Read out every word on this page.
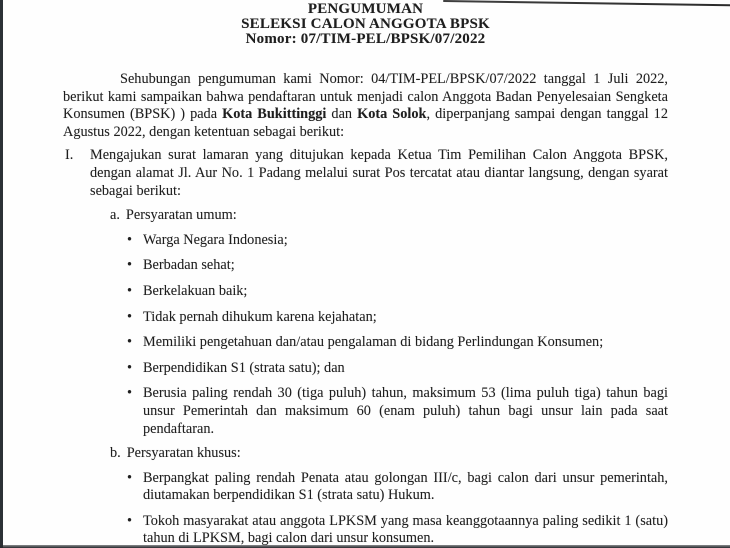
PENGUMUMAN
SELEKSI CALON ANGGOTA BPSK
Nomor: 07/TIM-PEL/BPSK/07/2022

Sehubungan pengumuman kami Nomor: 04/TIM-PEL/BPSK/07/2022 tanggal 1 Juli 2022, berikut kami sampaikan bahwa pendaftaran untuk menjadi calon Anggota Badan Penyelesaian Sengketa Konsumen (BPSK) ) pada Kota Bukittinggi dan Kota Solok, diperpanjang sampai dengan tanggal 12 Agustus 2022, dengan ketentuan sebagai berikut:

I. Mengajukan surat lamaran yang ditujukan kepada Ketua Tim Pemilihan Calon Anggota BPSK, dengan alamat Jl. Aur No. 1 Padang melalui surat Pos tercatat atau diantar langsung, dengan syarat sebagai berikut:

a. Persyaratan umum:
• Warga Negara Indonesia;
• Berbadan sehat;
• Berkelakuan baik;
• Tidak pernah dihukum karena kejahatan;
• Memiliki pengetahuan dan/atau pengalaman di bidang Perlindungan Konsumen;
• Berpendidikan S1 (strata satu); dan
• Berusia paling rendah 30 (tiga puluh) tahun, maksimum 53 (lima puluh tiga) tahun bagi unsur Pemerintah dan maksimum 60 (enam puluh) tahun bagi unsur lain pada saat pendaftaran.
b. Persyaratan khusus:
• Berpangkat paling rendah Penata atau golongan III/c, bagi calon dari unsur pemerintah, diutamakan berpendidikan S1 (strata satu) Hukum.
• Tokoh masyarakat atau anggota LPKSM yang masa keanggotaannya paling sedikit 1 (satu) tahun di LPKSM, bagi calon dari unsur konsumen.
